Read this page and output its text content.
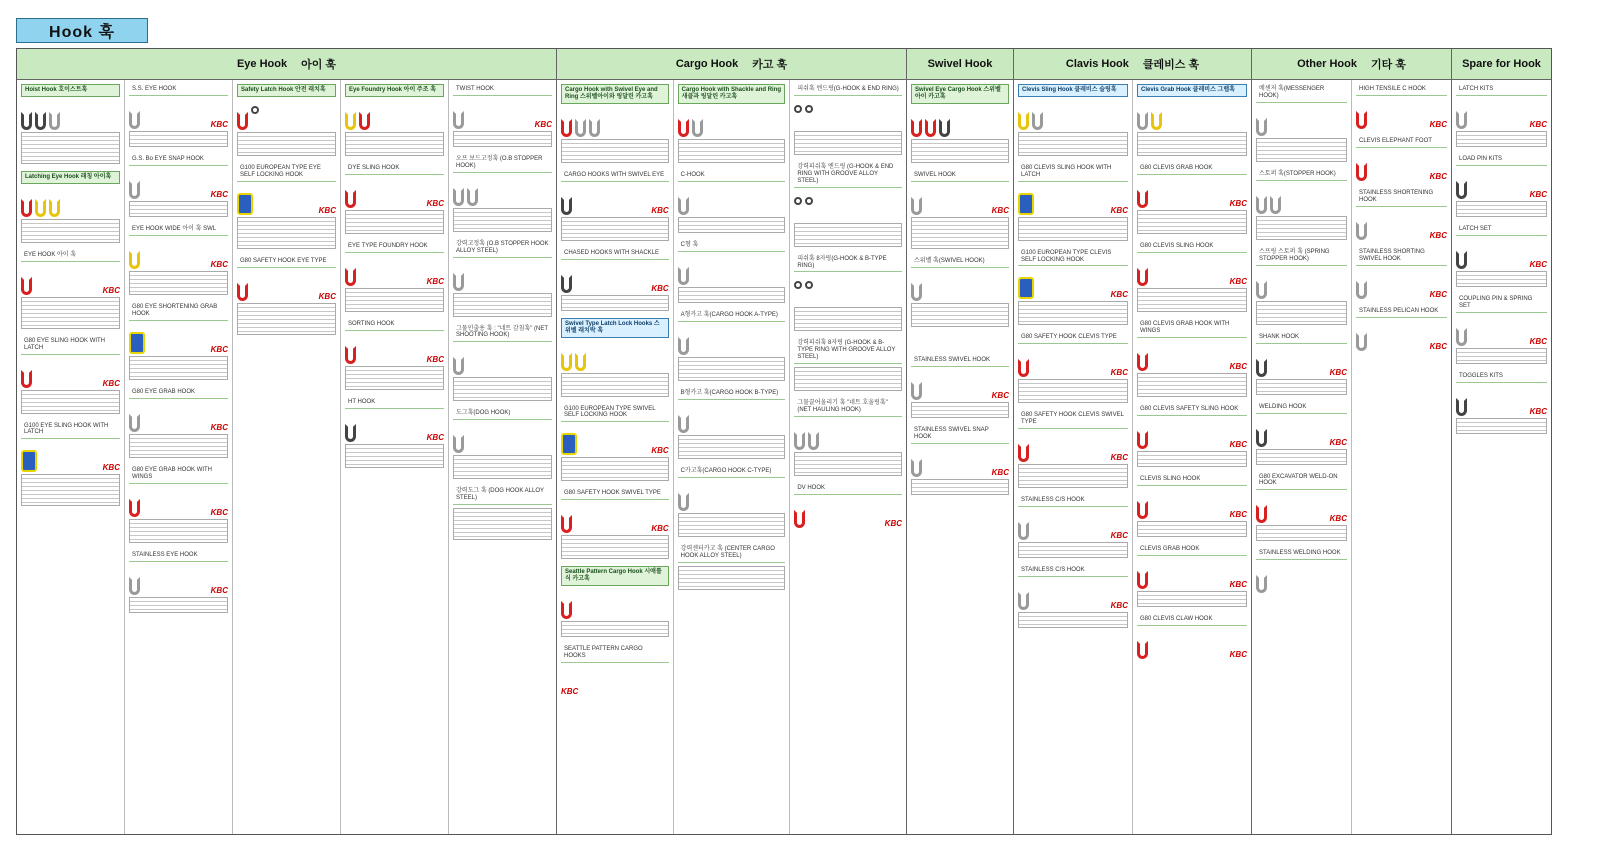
Hook 훅
Eye Hook 아이 훅
Hoist Hook 호이스트훅
Latching Eye Hook 래칭 아이훅
EYE HOOK 아이 훅
KBC
G80 EYE SLING HOOK WITH LATCH
KBC
G100 EYE SLING HOOK WITH LATCH
KBC
S.S. EYE HOOK
KBC
G.S. Bo EYE SNAP HOOK
KBC
EYE HOOK WIDE 아이 훅 SWL
KBC
G80 EYE SHORTENING GRAB HOOK
KBC
G80 EYE GRAB HOOK
KBC
G80 EYE GRAB HOOK WITH WINGS
KBC
STAINLESS EYE HOOK
KBC
Safety Latch Hook 안전 래치훅
G100 EUROPEAN TYPE EYE SELF LOCKING HOOK
KBC
G80 SAFETY HOOK EYE TYPE
KBC
Eye Foundry Hook 아이 주조 훅
DYE SLING HOOK
KBC
EYE TYPE FOUNDRY HOOK
KBC
SORTING HOOK
KBC
HT HOOK
KBC
TWIST HOOK
KBC
오프 보드고정훅 (O.B STOPPER HOOK)
강력고정훅 (O.B STOPPER HOOK ALLOY STEEL)
그물인출용 훅 : "네트 감침훅" (NET SHOOTING HOOK)
도그훅(DOG HOOK)
강력도그 훅 (DOG HOOK ALLOY STEEL)
Cargo Hook 카고 훅
Cargo Hook with Swivel Eye and Ring 스위벨아이와 링달린 카고훅
CARGO HOOKS WITH SWIVEL EYE
KBC
CHASED HOOKS WITH SHACKLE
KBC
Swivel Type Latch Lock Hooks 스위벨 래치락 훅
G100 EUROPEAN TYPE SWIVEL SELF LOCKING HOOK
KBC
G80 SAFETY HOOK SWIVEL TYPE
KBC
Seattle Pattern Cargo Hook 시애틀식 카고훅
SEATTLE PATTERN CARGO HOOKS
KBC
Cargo Hook with Shackle and Ring 새클과 링달린 카고훅
C-HOOK
C형 훅
A형카고 훅(CARGO HOOK A-TYPE)
B형카고 훅(CARGO HOOK B-TYPE)
C카고훅(CARGO HOOK C-TYPE)
강력센터카고 훅 (CENTER CARGO HOOK ALLOY STEEL)
피쉬훅 엔드링(G-HOOK & END RING)
강력피쉬훅 엔드링 (G-HOOK & END RING WITH GROOVE ALLOY STEEL)
피쉬훅 8자링(G-HOOK & B-TYPE RING)
강력피쉬훅 8자링 (G-HOOK & B-TYPE RING WITH GROOVE ALLOY STEEL)
그물끌어올리기 훅 "네트 호울링훅" (NET HAULING HOOK)
DV HOOK
KBC
Swivel Hook
Swivel Eye Cargo Hook 스위벨 아이 카고훅
SWIVEL HOOK
KBC
스위벨 훅(SWIVEL HOOK)
STAINLESS SWIVEL HOOK
KBC
STAINLESS SWIVEL SNAP HOOK
KBC
Clavis Hook 클레비스 훅
Clevis Sling Hook 클레비스 슬링훅
G80 CLEVIS SLING HOOK WITH LATCH
KBC
G100 EUROPEAN TYPE CLEVIS SELF LOCKING HOOK
KBC
G80 SAFETY HOOK CLEVIS TYPE
KBC
G80 SAFETY HOOK CLEVIS SWIVEL TYPE
KBC
STAINLESS C/S HOOK
KBC
STAINLESS C/S HOOK
KBC
Clevis Grab Hook 클레비스 그랩훅
G80 CLEVIS GRAB HOOK
KBC
G80 CLEVIS SLING HOOK
KBC
G80 CLEVIS GRAB HOOK WITH WINGS
KBC
G80 CLEVIS SAFETY SLING HOOK
KBC
CLEVIS SLING HOOK
KBC
CLEVIS GRAB HOOK
KBC
G80 CLEVIS CLAW HOOK
KBC
Other Hook 기타 훅
메센저 훅(MESSENGER HOOK)
스토퍼 훅(STOPPER HOOK)
스프링 스토퍼 훅 (SPRING STOPPER HOOK)
SHANK HOOK
KBC
WELDING HOOK
KBC
G80 EXCAVATOR WELD-ON HOOK
KBC
STAINLESS WELDING HOOK
HIGH TENSILE C HOOK
KBC
CLEVIS ELEPHANT FOOT
KBC
STAINLESS SHORTENING HOOK
KBC
STAINLESS SHORTING SWIVEL HOOK
KBC
STAINLESS PELICAN HOOK
KBC
Spare for Hook
LATCH KITS
KBC
LOAD PIN KITS
KBC
LATCH SET
KBC
COUPLING PIN & SPRING SET
KBC
TOGGLES KITS
KBC
